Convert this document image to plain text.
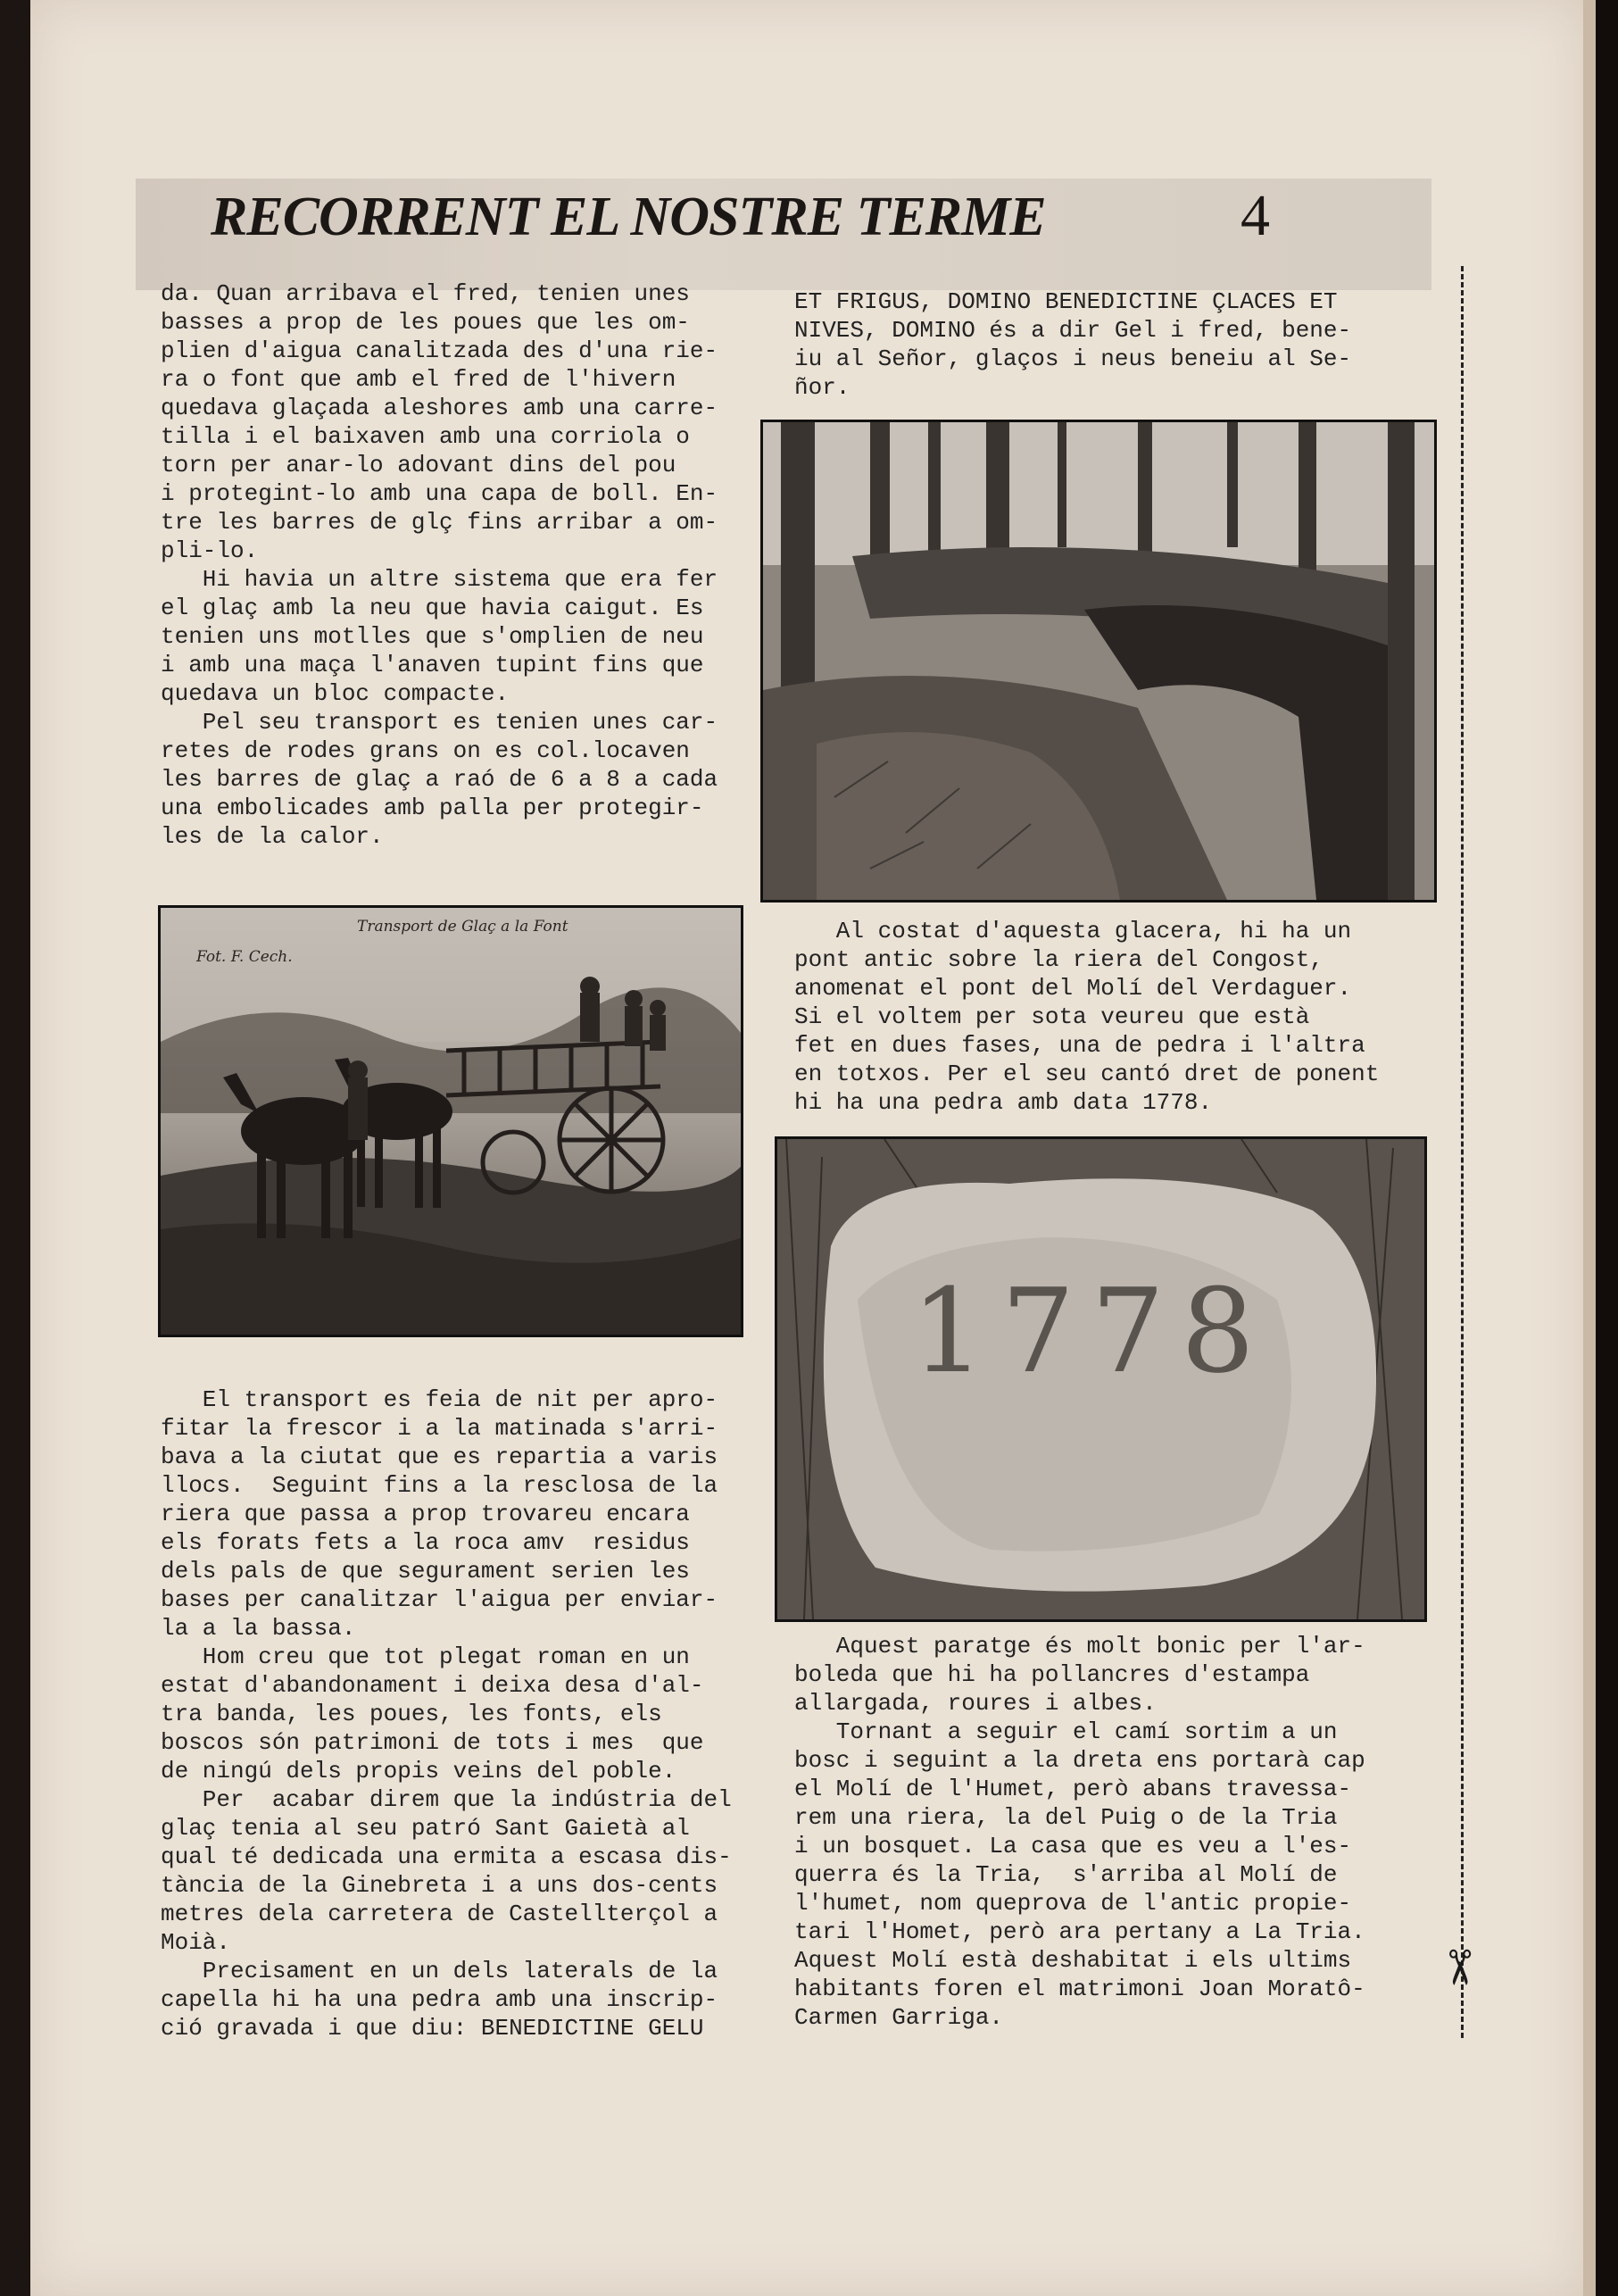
RECORRENT EL NOSTRE TERME	4
da. Quan arribava el fred, tenien unes
basses a prop de les poues que les om-
plien d'aigua canalitzada des d'una rie-
ra o font que amb el fred de l'hivern
quedava glaçada aleshores amb una carre-
tilla i el baixaven amb una corriola o
torn per anar-lo adovant dins del pou
i protegint-lo amb una capa de boll. En-
tre les barres de glç fins arribar a om-
pli-lo.
Hi havia un altre sistema que era fer
el glaç amb la neu que havia caigut. Es
tenien uns motlles que s'omplien de neu
i amb una maça l'anaven tupint fins que
quedava un bloc compacte.
Pel seu transport es tenien unes car-
retes de rodes grans on es col.locaven
les barres de glaç a raó de 6 a 8 a cada
una embolicades amb palla per protegir-
les de la calor.
Transport de Glaç a la Font
Fot. F. Cech.
El transport es feia de nit per apro-
fitar la frescor i a la matinada s'arri-
bava a la ciutat que es repartia a varis
llocs.  Seguint fins a la resclosa de la
riera que passa a prop trovareu encara
els forats fets a la roca amv  residus
dels pals de que segurament serien les
bases per canalitzar l'aigua per enviar-
la a la bassa.
Hom creu que tot plegat roman en un
estat d'abandonament i deixa desa d'al-
tra banda, les poues, les fonts, els
boscos són patrimoni de tots i mes  que
de ningú dels propis veins del poble.
Per  acabar direm que la indústria del
glaç tenia al seu patró Sant Gaietà al
qual té dedicada una ermita a escasa dis-
tància de la Ginebreta i a uns dos-cents
metres dela carretera de Castellterçol a
Moià.
Precisament en un dels laterals de la
capella hi ha una pedra amb una inscrip-
ció gravada i que diu: BENEDICTINE GELU
ET FRIGUS, DOMINO BENEDICTINE ÇLACES ET
NIVES, DOMINO és a dir Gel i fred, bene-
iu al Señor, glaços i neus beneiu al Se-
ñor.
Al costat d'aquesta glacera, hi ha un
pont antic sobre la riera del Congost,
anomenat el pont del Molí del Verdaguer.
Si el voltem per sota veureu que està
fet en dues fases, una de pedra i l'altra
en totxos. Per el seu cantó dret de ponent
hi ha una pedra amb data 1778.
1778
Aquest paratge és molt bonic per l'ar-
boleda que hi ha pollancres d'estampa
allargada, roures i albes.
Tornant a seguir el camí sortim a un
bosc i seguint a la dreta ens portarà cap
el Molí de l'Humet, però abans travessa-
rem una riera, la del Puig o de la Tria
i un bosquet. La casa que es veu a l'es-
querra és la Tria,  s'arriba al Molí de
l'humet, nom queprova de l'antic propie-
tari l'Homet, però ara pertany a La Tria.
Aquest Molí està deshabitat i els ultims
habitants foren el matrimoni Joan Moratô-
Carmen Garriga.
✂
